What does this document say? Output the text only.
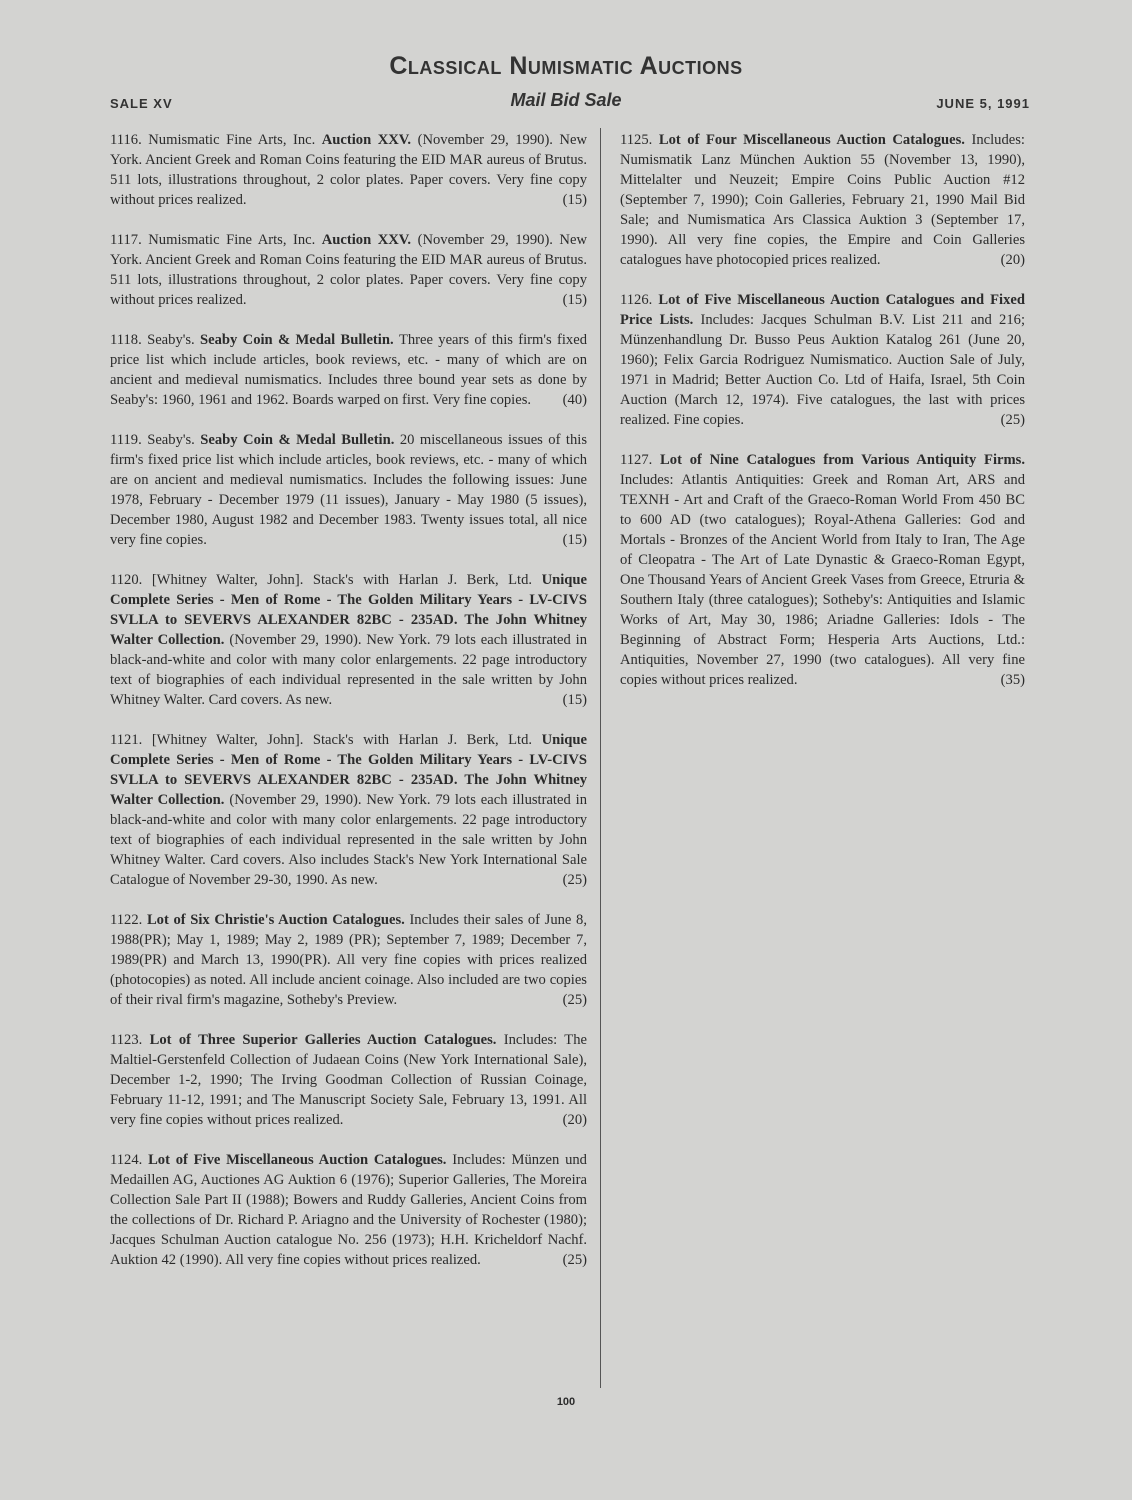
Classical Numismatic Auctions
SALE XV	Mail Bid Sale	JUNE 5, 1991

1116. Numismatic Fine Arts, Inc. Auction XXV. (November 29, 1990). New York. Ancient Greek and Roman Coins featuring the EID MAR aureus of Brutus. 511 lots, illustrations throughout, 2 color plates. Paper covers. Very fine copy without prices realized.	(15)

1117. Numismatic Fine Arts, Inc. Auction XXV. (November 29, 1990). New York. Ancient Greek and Roman Coins featuring the EID MAR aureus of Brutus. 511 lots, illustrations throughout, 2 color plates. Paper covers. Very fine copy without prices realized.	(15)

1118. Seaby's. Seaby Coin & Medal Bulletin. Three years of this firm's fixed price list which include articles, book reviews, etc. - many of which are on ancient and medieval numismatics. Includes three bound year sets as done by Seaby's: 1960, 1961 and 1962. Boards warped on first. Very fine copies.	(40)

1119. Seaby's. Seaby Coin & Medal Bulletin. 20 miscellaneous issues of this firm's fixed price list which include articles, book reviews, etc. - many of which are on ancient and medieval numismatics. Includes the following issues: June 1978, February - December 1979 (11 issues), January - May 1980 (5 issues), December 1980, August 1982 and December 1983. Twenty issues total, all nice very fine copies.	(15)

1120. [Whitney Walter, John]. Stack's with Harlan J. Berk, Ltd. Unique Complete Series - Men of Rome - The Golden Military Years - LV-CIVS SVLLA to SEVERVS ALEXANDER 82BC - 235AD. The John Whitney Walter Collection. (November 29, 1990). New York. 79 lots each illustrated in black-and-white and color with many color enlargements. 22 page introductory text of biographies of each individual represented in the sale written by John Whitney Walter. Card covers. As new.	(15)

1121. [Whitney Walter, John]. Stack's with Harlan J. Berk, Ltd. Unique Complete Series - Men of Rome - The Golden Military Years - LV-CIVS SVLLA to SEVERVS ALEXANDER 82BC - 235AD. The John Whitney Walter Collection. (November 29, 1990). New York. 79 lots each illustrated in black-and-white and color with many color enlargements. 22 page introductory text of biographies of each individual represented in the sale written by John Whitney Walter. Card covers. Also includes Stack's New York International Sale Catalogue of November 29-30, 1990. As new.	(25)

1122. Lot of Six Christie's Auction Catalogues. Includes their sales of June 8, 1988(PR); May 1, 1989; May 2, 1989 (PR); September 7, 1989; December 7, 1989(PR) and March 13, 1990(PR). All very fine copies with prices realized (photocopies) as noted. All include ancient coinage. Also included are two copies of their rival firm's magazine, Sotheby's Preview.	(25)

1123. Lot of Three Superior Galleries Auction Catalogues. Includes: The Maltiel-Gerstenfeld Collection of Judaean Coins (New York International Sale), December 1-2, 1990; The Irving Goodman Collection of Russian Coinage, February 11-12, 1991; and The Manuscript Society Sale, February 13, 1991. All very fine copies without prices realized.	(20)

1124. Lot of Five Miscellaneous Auction Catalogues. Includes: Münzen und Medaillen AG, Auctiones AG Auktion 6 (1976); Superior Galleries, The Moreira Collection Sale Part II (1988); Bowers and Ruddy Galleries, Ancient Coins from the collections of Dr. Richard P. Ariagno and the University of Rochester (1980); Jacques Schulman Auction catalogue No. 256 (1973); H.H. Kricheldorf Nachf. Auktion 42 (1990). All very fine copies without prices realized.	(25)

1125. Lot of Four Miscellaneous Auction Catalogues. Includes: Numismatik Lanz München Auktion 55 (November 13, 1990), Mittelalter und Neuzeit; Empire Coins Public Auction #12 (September 7, 1990); Coin Galleries, February 21, 1990 Mail Bid Sale; and Numismatica Ars Classica Auktion 3 (September 17, 1990). All very fine copies, the Empire and Coin Galleries catalogues have photocopied prices realized.	(20)

1126. Lot of Five Miscellaneous Auction Catalogues and Fixed Price Lists. Includes: Jacques Schulman B.V. List 211 and 216; Münzenhandlung Dr. Busso Peus Auktion Katalog 261 (June 20, 1960); Felix Garcia Rodriguez Numismatico. Auction Sale of July, 1971 in Madrid; Better Auction Co. Ltd of Haifa, Israel, 5th Coin Auction (March 12, 1974). Five catalogues, the last with prices realized. Fine copies.	(25)

1127. Lot of Nine Catalogues from Various Antiquity Firms. Includes: Atlantis Antiquities: Greek and Roman Art, ARS and TEXNH - Art and Craft of the Graeco-Roman World From 450 BC to 600 AD (two catalogues); Royal-Athena Galleries: God and Mortals - Bronzes of the Ancient World from Italy to Iran, The Age of Cleopatra - The Art of Late Dynastic & Graeco-Roman Egypt, One Thousand Years of Ancient Greek Vases from Greece, Etruria & Southern Italy (three catalogues); Sotheby's: Antiquities and Islamic Works of Art, May 30, 1986; Ariadne Galleries: Idols - The Beginning of Abstract Form; Hesperia Arts Auctions, Ltd.: Antiquities, November 27, 1990 (two catalogues). All very fine copies without prices realized.	(35)

100
